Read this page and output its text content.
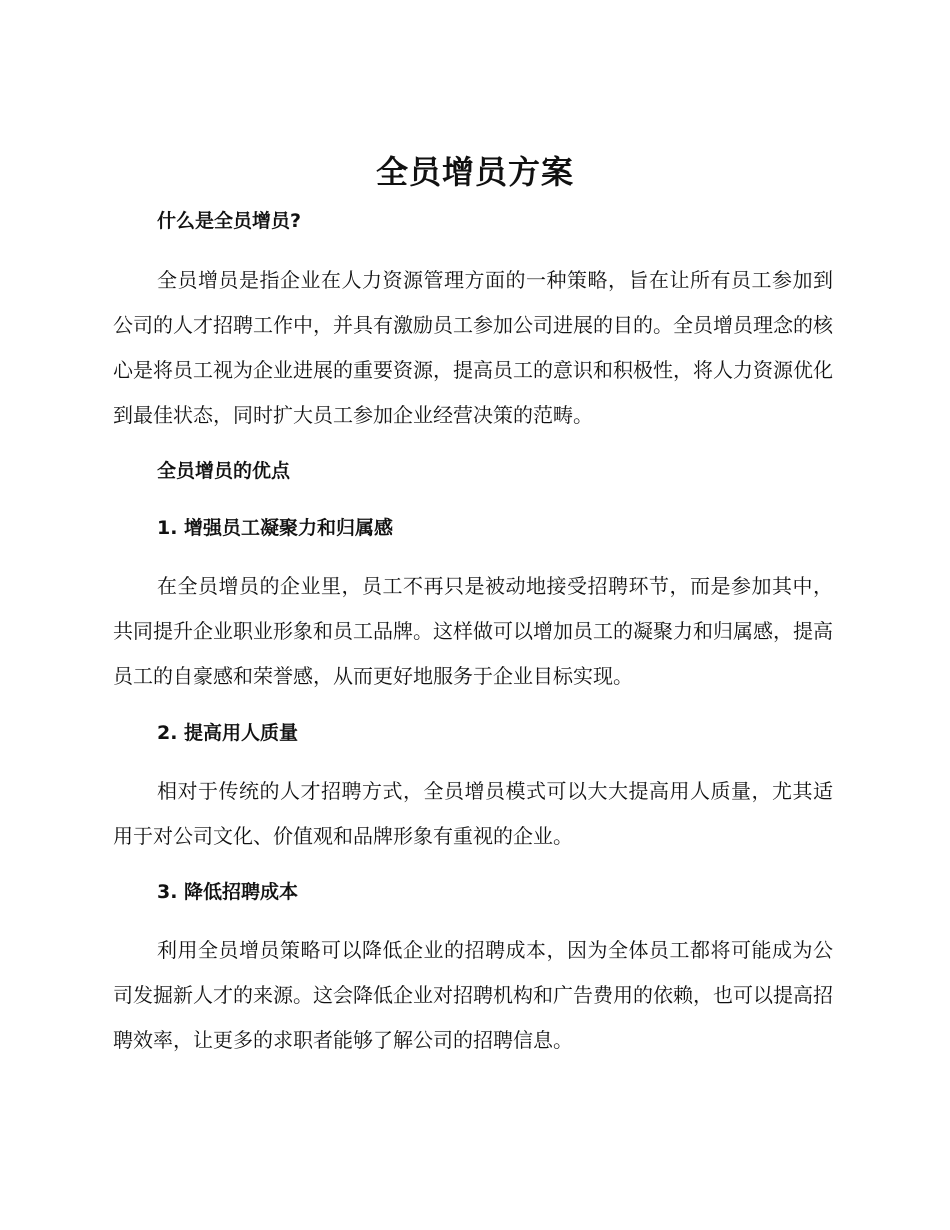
全员增员方案
什么是全员增员?
全员增员是指企业在人力资源管理方面的一种策略，旨在让所有员工参加到公司的人才招聘工作中，并具有激励员工参加公司进展的目的。全员增员理念的核心是将员工视为企业进展的重要资源，提高员工的意识和积极性，将人力资源优化到最佳状态，同时扩大员工参加企业经营决策的范畴。
全员增员的优点
1. 增强员工凝聚力和归属感
在全员增员的企业里，员工不再只是被动地接受招聘环节，而是参加其中，共同提升企业职业形象和员工品牌。这样做可以增加员工的凝聚力和归属感，提高员工的自豪感和荣誉感，从而更好地服务于企业目标实现。
2. 提高用人质量
相对于传统的人才招聘方式，全员增员模式可以大大提高用人质量，尤其适用于对公司文化、价值观和品牌形象有重视的企业。
3. 降低招聘成本
利用全员增员策略可以降低企业的招聘成本，因为全体员工都将可能成为公司发掘新人才的来源。这会降低企业对招聘机构和广告费用的依赖，也可以提高招聘效率，让更多的求职者能够了解公司的招聘信息。
